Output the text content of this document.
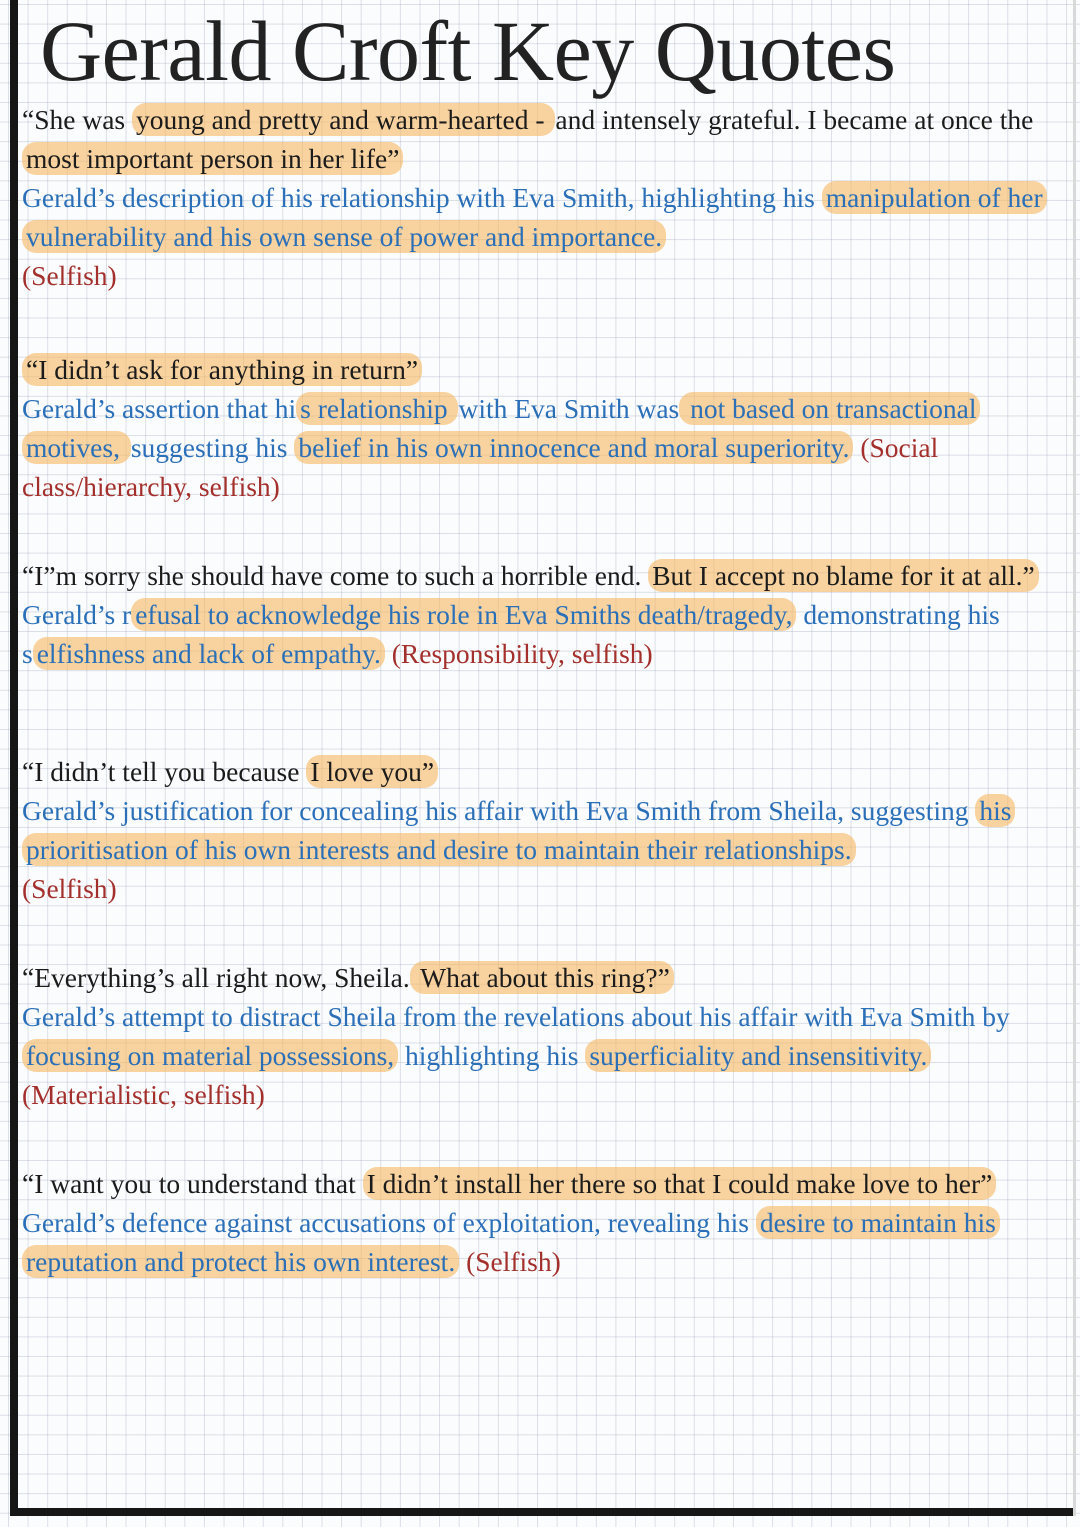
Gerald Croft Key Quotes

“She was young and pretty and warm-hearted - and intensely grateful. I became at once the most important person in her life”

Gerald’s description of his relationship with Eva Smith, highlighting his manipulation of her vulnerability and his own sense of power and importance.

(Selfish)

“I didn’t ask for anything in return”

Gerald’s assertion that hi s relationship with Eva Smith was not based on transactional motives, suggesting his belief in his own innocence and moral superiority. (Social class/hierarchy, selfish)

“I”m sorry she should have come to such a horrible end. But I accept no blame for it at all.”

Gerald’s r efusal to acknowledge his role in Eva Smiths death/tragedy, demonstrating his s elfishness and lack of empathy. (Responsibility, selfish)

“I didn’t tell you because I love you”

Gerald’s justification for concealing his affair with Eva Smith from Sheila, suggesting his prioritisation of his own interests and desire to maintain their relationships.

(Selfish)

“Everything’s all right now, Sheila. What about this ring?”

Gerald’s attempt to distract Sheila from the revelations about his affair with Eva Smith by focusing on material possessions, highlighting his superficiality and insensitivity.

(Materialistic, selfish)

“I want you to understand that I didn’t install her there so that I could make love to her”

Gerald’s defence against accusations of exploitation, revealing his desire to maintain his reputation and protect his own interest. (Selfish)
